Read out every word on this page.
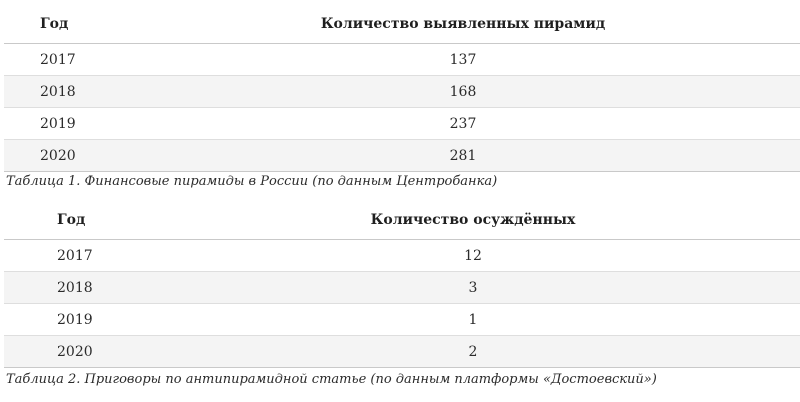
Год	Количество выявленных пирамид
2017	137
2018	168
2019	237
2020	281
Таблица 1. Финансовые пирамиды в России (по данным Центробанка)
Год	Количество осуждённых
2017	12
2018	3
2019	1
2020	2
Таблица 2. Приговоры по антипирамидной статье (по данным платформы «Достоевский»)
